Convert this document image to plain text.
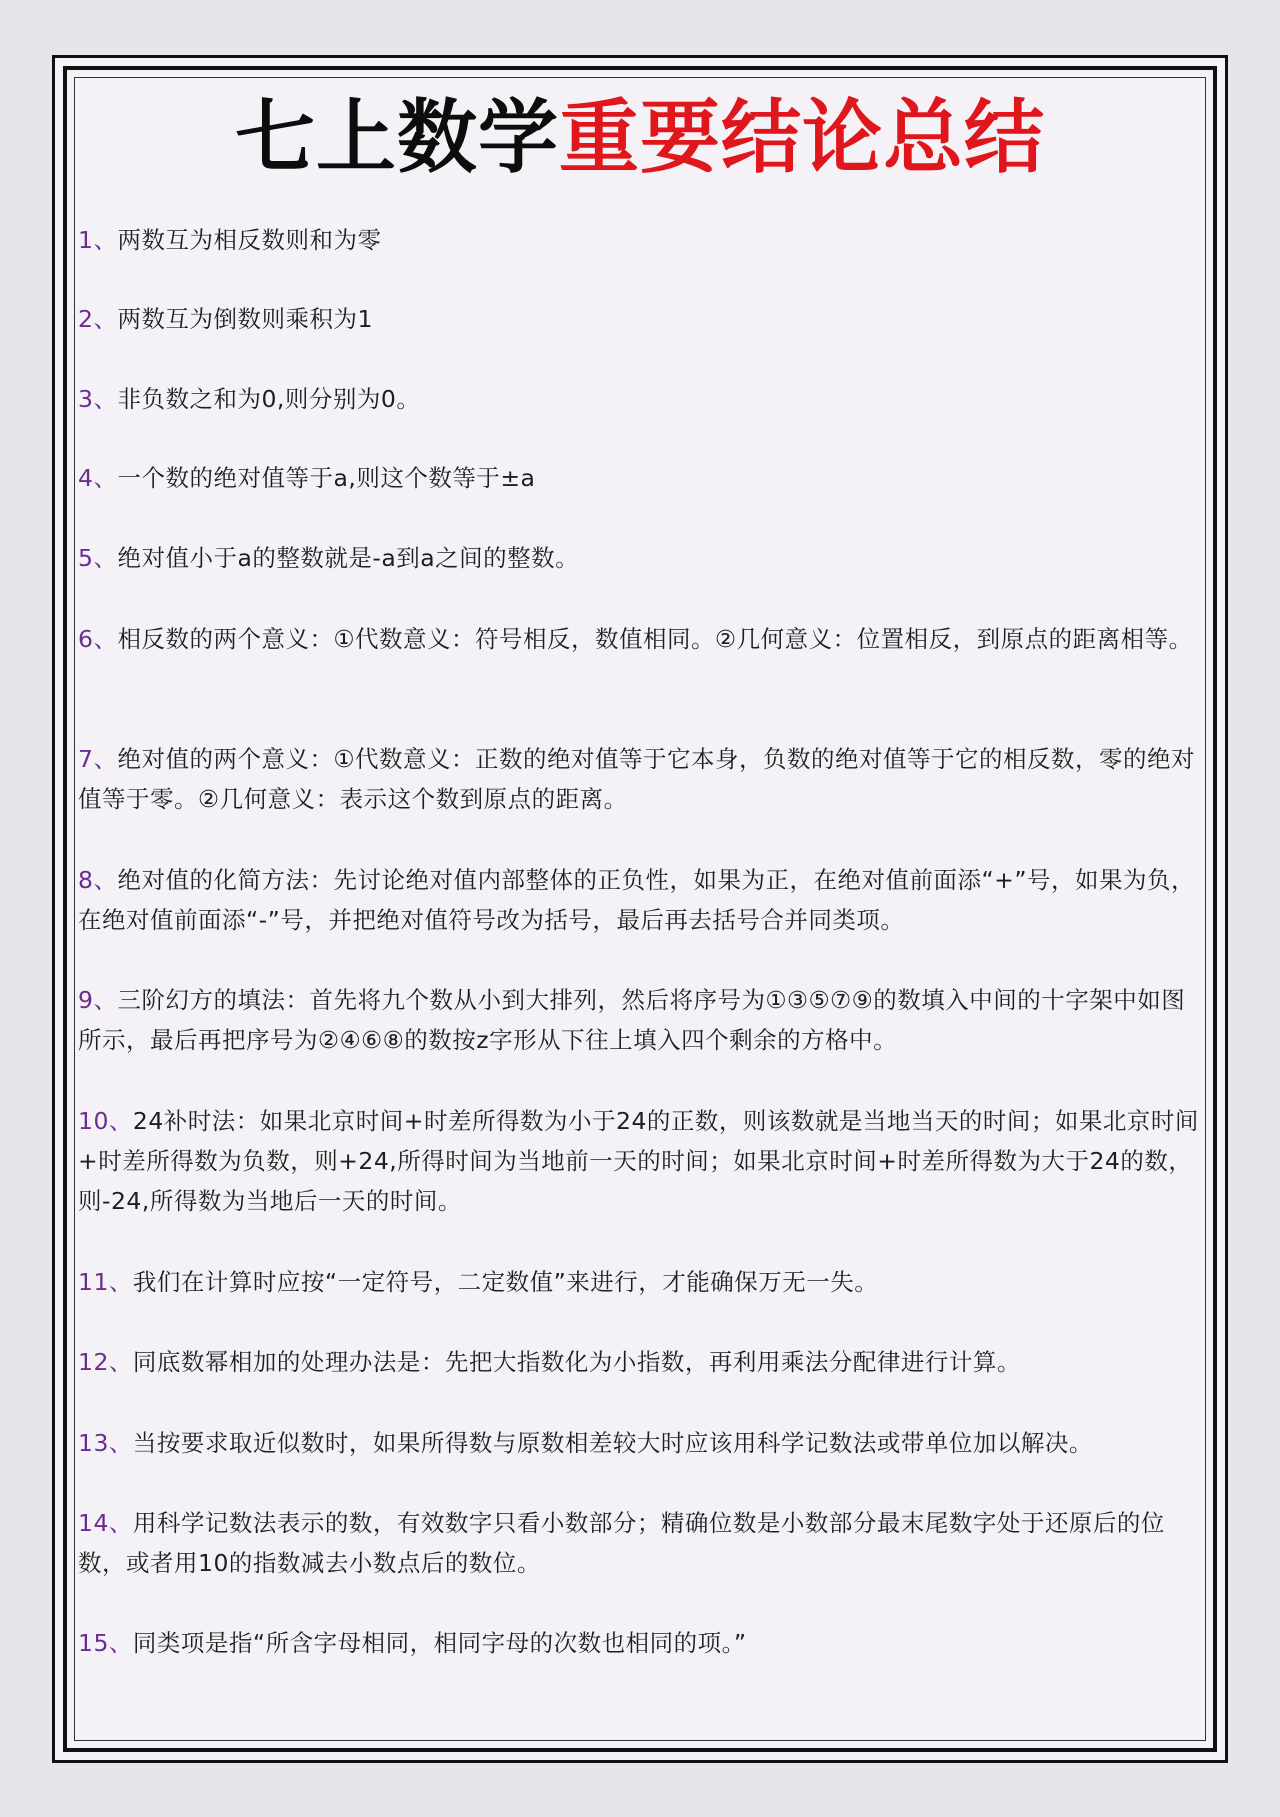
七上数学重要结论总结
1、两数互为相反数则和为零
2、两数互为倒数则乘积为1
3、非负数之和为0,则分别为0。
4、一个数的绝对值等于a,则这个数等于±a
5、绝对值小于a的整数就是-a到a之间的整数。
6、相反数的两个意义：①代数意义：符号相反，数值相同。②几何意义：位置相反，到原点的距离相等。
7、绝对值的两个意义：①代数意义：正数的绝对值等于它本身，负数的绝对值等于它的相反数，零的绝对值等于零。②几何意义：表示这个数到原点的距离。
8、绝对值的化简方法：先讨论绝对值内部整体的正负性，如果为正，在绝对值前面添“+”号，如果为负，在绝对值前面添“-”号，并把绝对值符号改为括号，最后再去括号合并同类项。
9、三阶幻方的填法：首先将九个数从小到大排列，然后将序号为①③⑤⑦⑨的数填入中间的十字架中如图所示，最后再把序号为②④⑥⑧的数按z字形从下往上填入四个剩余的方格中。
10、24补时法：如果北京时间+时差所得数为小于24的正数，则该数就是当地当天的时间；如果北京时间+时差所得数为负数，则+24,所得时间为当地前一天的时间；如果北京时间+时差所得数为大于24的数，则-24,所得数为当地后一天的时间。
11、我们在计算时应按“一定符号，二定数值”来进行，才能确保万无一失。
12、同底数幂相加的处理办法是：先把大指数化为小指数，再利用乘法分配律进行计算。
13、当按要求取近似数时，如果所得数与原数相差较大时应该用科学记数法或带单位加以解决。
14、用科学记数法表示的数，有效数字只看小数部分；精确位数是小数部分最末尾数字处于还原后的位数，或者用10的指数减去小数点后的数位。
15、同类项是指“所含字母相同，相同字母的次数也相同的项。”
